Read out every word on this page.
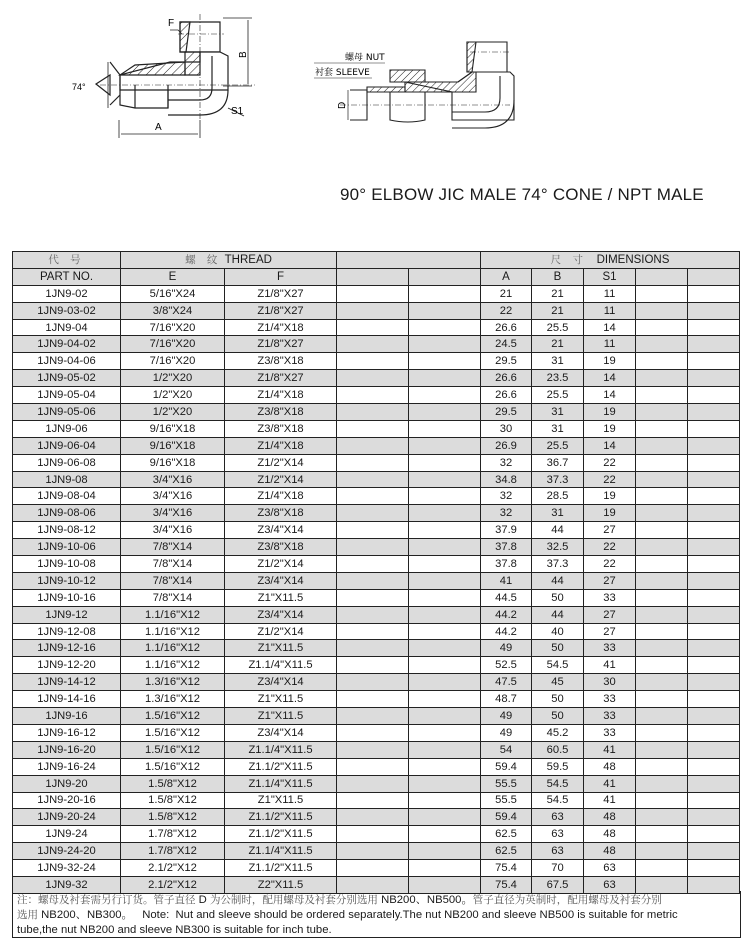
F
B
74°
S1
A
螺母 NUT
衬套 SLEEVE
D
90° ELBOW JIC MALE 74° CONE / NPT MALE
代 号	螺 纹 THREAD				尺 寸 DIMENSIONS				
PART NO.	E	F			A	B	S1		
1JN9-02	5/16"X24	Z1/8"X27			21	21	11		
1JN9-03-02	3/8"X24	Z1/8"X27			22	21	11		
1JN9-04	7/16"X20	Z1/4"X18			26.6	25.5	14		
1JN9-04-02	7/16"X20	Z1/8"X27			24.5	21	11		
1JN9-04-06	7/16"X20	Z3/8"X18			29.5	31	19		
1JN9-05-02	1/2"X20	Z1/8"X27			26.6	23.5	14		
1JN9-05-04	1/2"X20	Z1/4"X18			26.6	25.5	14		
1JN9-05-06	1/2"X20	Z3/8"X18			29.5	31	19		
1JN9-06	9/16"X18	Z3/8"X18			30	31	19		
1JN9-06-04	9/16"X18	Z1/4"X18			26.9	25.5	14		
1JN9-06-08	9/16"X18	Z1/2"X14			32	36.7	22		
1JN9-08	3/4"X16	Z1/2"X14			34.8	37.3	22		
1JN9-08-04	3/4"X16	Z1/4"X18			32	28.5	19		
1JN9-08-06	3/4"X16	Z3/8"X18			32	31	19		
1JN9-08-12	3/4"X16	Z3/4"X14			37.9	44	27		
1JN9-10-06	7/8"X14	Z3/8"X18			37.8	32.5	22		
1JN9-10-08	7/8"X14	Z1/2"X14			37.8	37.3	22		
1JN9-10-12	7/8"X14	Z3/4"X14			41	44	27		
1JN9-10-16	7/8"X14	Z1"X11.5			44.5	50	33		
1JN9-12	1.1/16"X12	Z3/4"X14			44.2	44	27		
1JN9-12-08	1.1/16"X12	Z1/2"X14			44.2	40	27		
1JN9-12-16	1.1/16"X12	Z1"X11.5			49	50	33		
1JN9-12-20	1.1/16"X12	Z1.1/4"X11.5			52.5	54.5	41		
1JN9-14-12	1.3/16"X12	Z3/4"X14			47.5	45	30		
1JN9-14-16	1.3/16"X12	Z1"X11.5			48.7	50	33		
1JN9-16	1.5/16"X12	Z1"X11.5			49	50	33		
1JN9-16-12	1.5/16"X12	Z3/4"X14			49	45.2	33		
1JN9-16-20	1.5/16"X12	Z1.1/4"X11.5			54	60.5	41		
1JN9-16-24	1.5/16"X12	Z1.1/2"X11.5			59.4	59.5	48		
1JN9-20	1.5/8"X12	Z1.1/4"X11.5			55.5	54.5	41		
1JN9-20-16	1.5/8"X12	Z1"X11.5			55.5	54.5	41		
1JN9-20-24	1.5/8"X12	Z1.1/2"X11.5			59.4	63	48		
1JN9-24	1.7/8"X12	Z1.1/2"X11.5			62.5	63	48		
1JN9-24-20	1.7/8"X12	Z1.1/4"X11.5			62.5	63	48		
1JN9-32-24	2.1/2"X12	Z1.1/2"X11.5			75.4	70	63		
1JN9-32	2.1/2"X12	Z2"X11.5			75.4	67.5	63		
注：螺母及衬套需另行订货。管子直径 D 为公制时，配用螺母及衬套分别选用 NB200、NB500。管子直径为英制时，配用螺母及衬套分别
选用 NB200、NB300。   Note:  Nut and sleeve should be ordered separately.The nut NB200 and sleeve NB500 is suitable for metric
tube,the nut NB200 and sleeve NB300 is suitable for inch tube.
